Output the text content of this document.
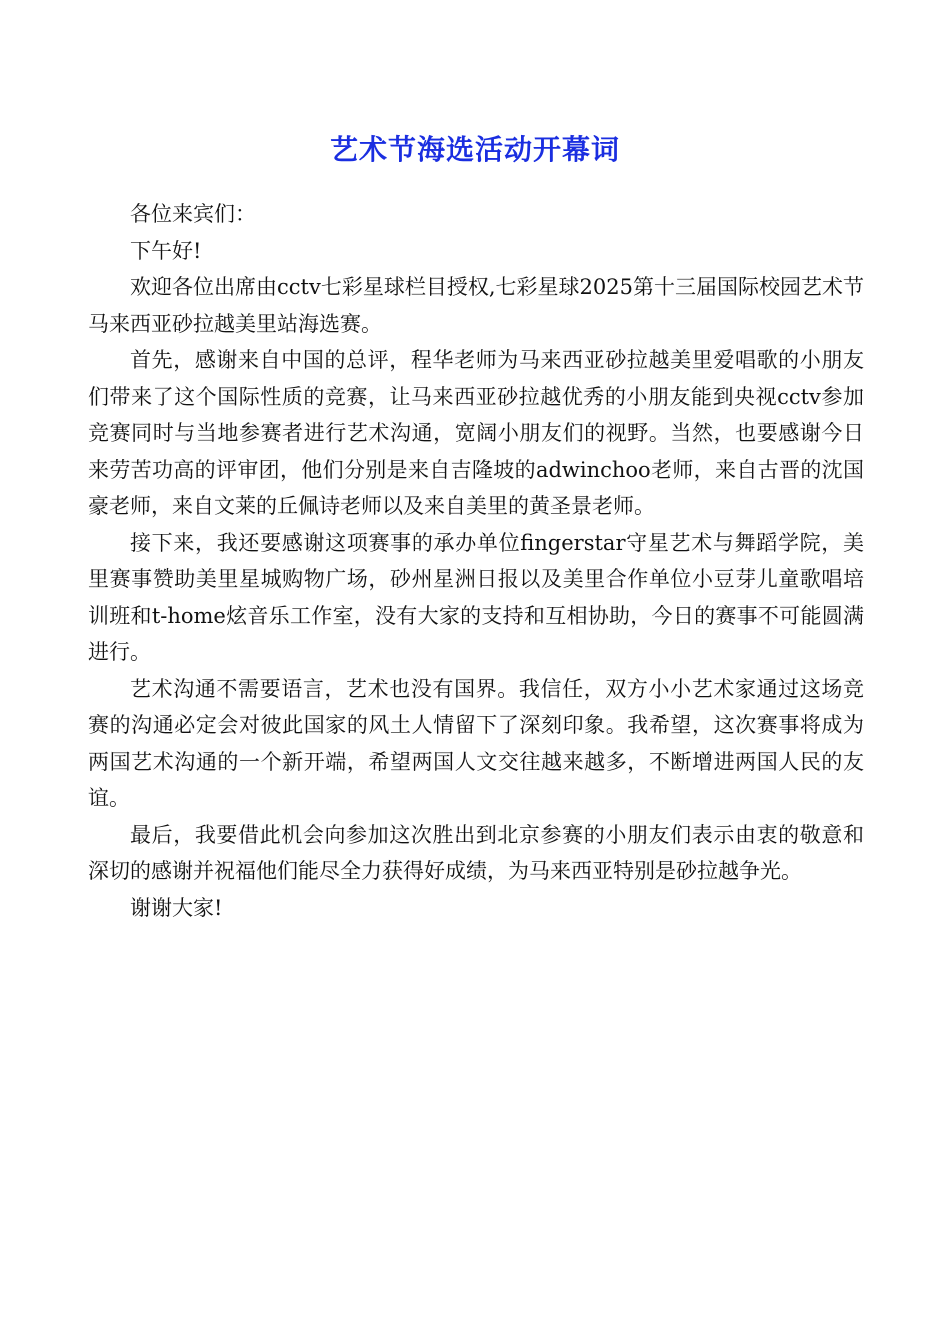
艺术节海选活动开幕词

各位来宾们：

下午好!

欢迎各位出席由cctv七彩星球栏目授权,七彩星球2025第十三届国际校园艺术节马来西亚砂拉越美里站海选赛。

首先，感谢来自中国的总评，程华老师为马来西亚砂拉越美里爱唱歌的小朋友们带来了这个国际性质的竞赛，让马来西亚砂拉越优秀的小朋友能到央视cctv参加竞赛同时与当地参赛者进行艺术沟通，宽阔小朋友们的视野。当然，也要感谢今日来劳苦功高的评审团，他们分别是来自吉隆坡的adwinchoo老师，来自古晋的沈国豪老师，来自文莱的丘佩诗老师以及来自美里的黄圣景老师。

接下来，我还要感谢这项赛事的承办单位fingerstar守星艺术与舞蹈学院，美里赛事赞助美里星城购物广场，砂州星洲日报以及美里合作单位小豆芽儿童歌唱培训班和t-home炫音乐工作室，没有大家的支持和互相协助，今日的赛事不可能圆满进行。

艺术沟通不需要语言，艺术也没有国界。我信任，双方小小艺术家通过这场竞赛的沟通必定会对彼此国家的风土人情留下了深刻印象。我希望，这次赛事将成为两国艺术沟通的一个新开端，希望两国人文交往越来越多，不断增进两国人民的友谊。

最后，我要借此机会向参加这次胜出到北京参赛的小朋友们表示由衷的敬意和深切的感谢并祝福他们能尽全力获得好成绩，为马来西亚特别是砂拉越争光。

谢谢大家!
